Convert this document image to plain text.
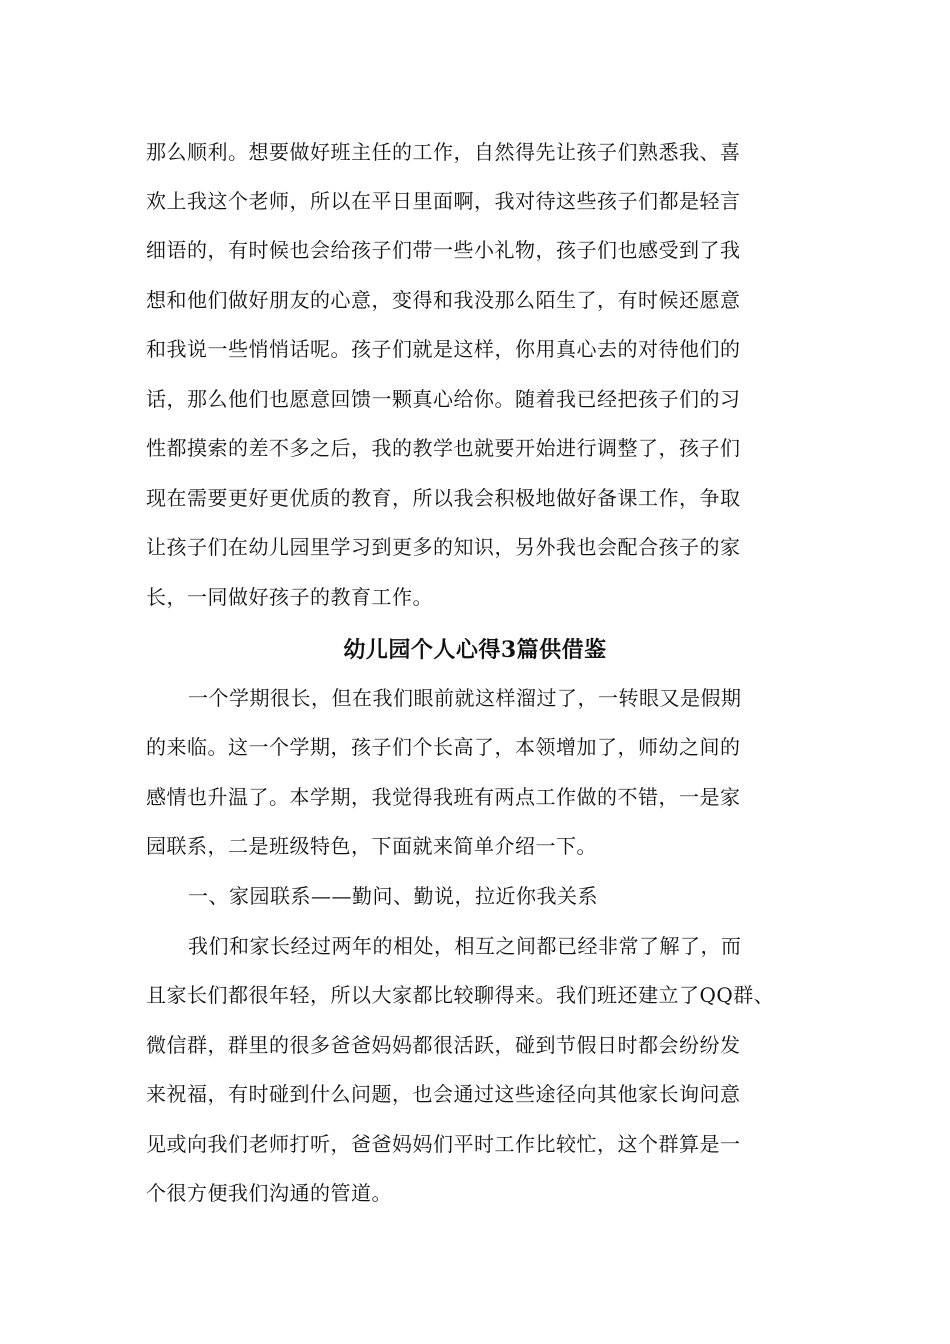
那么顺利。想要做好班主任的工作，自然得先让孩子们熟悉我、喜

欢上我这个老师，所以在平日里面啊，我对待这些孩子们都是轻言

细语的，有时候也会给孩子们带一些小礼物，孩子们也感受到了我

想和他们做好朋友的心意，变得和我没那么陌生了，有时候还愿意

和我说一些悄悄话呢。孩子们就是这样，你用真心去的对待他们的

话，那么他们也愿意回馈一颗真心给你。随着我已经把孩子们的习

性都摸索的差不多之后，我的教学也就要开始进行调整了，孩子们

现在需要更好更优质的教育，所以我会积极地做好备课工作，争取

让孩子们在幼儿园里学习到更多的知识，另外我也会配合孩子的家

长，一同做好孩子的教育工作。

幼儿园个人心得3篇供借鉴

一个学期很长，但在我们眼前就这样溜过了，一转眼又是假期

的来临。这一个学期，孩子们个长高了，本领增加了，师幼之间的

感情也升温了。本学期，我觉得我班有两点工作做的不错，一是家

园联系，二是班级特色，下面就来简单介绍一下。

一、家园联系——勤问、勤说，拉近你我关系

我们和家长经过两年的相处，相互之间都已经非常了解了，而

且家长们都很年轻，所以大家都比较聊得来。我们班还建立了QQ群、

微信群，群里的很多爸爸妈妈都很活跃，碰到节假日时都会纷纷发

来祝福，有时碰到什么问题，也会通过这些途径向其他家长询问意

见或向我们老师打听，爸爸妈妈们平时工作比较忙，这个群算是一

个很方便我们沟通的管道。
